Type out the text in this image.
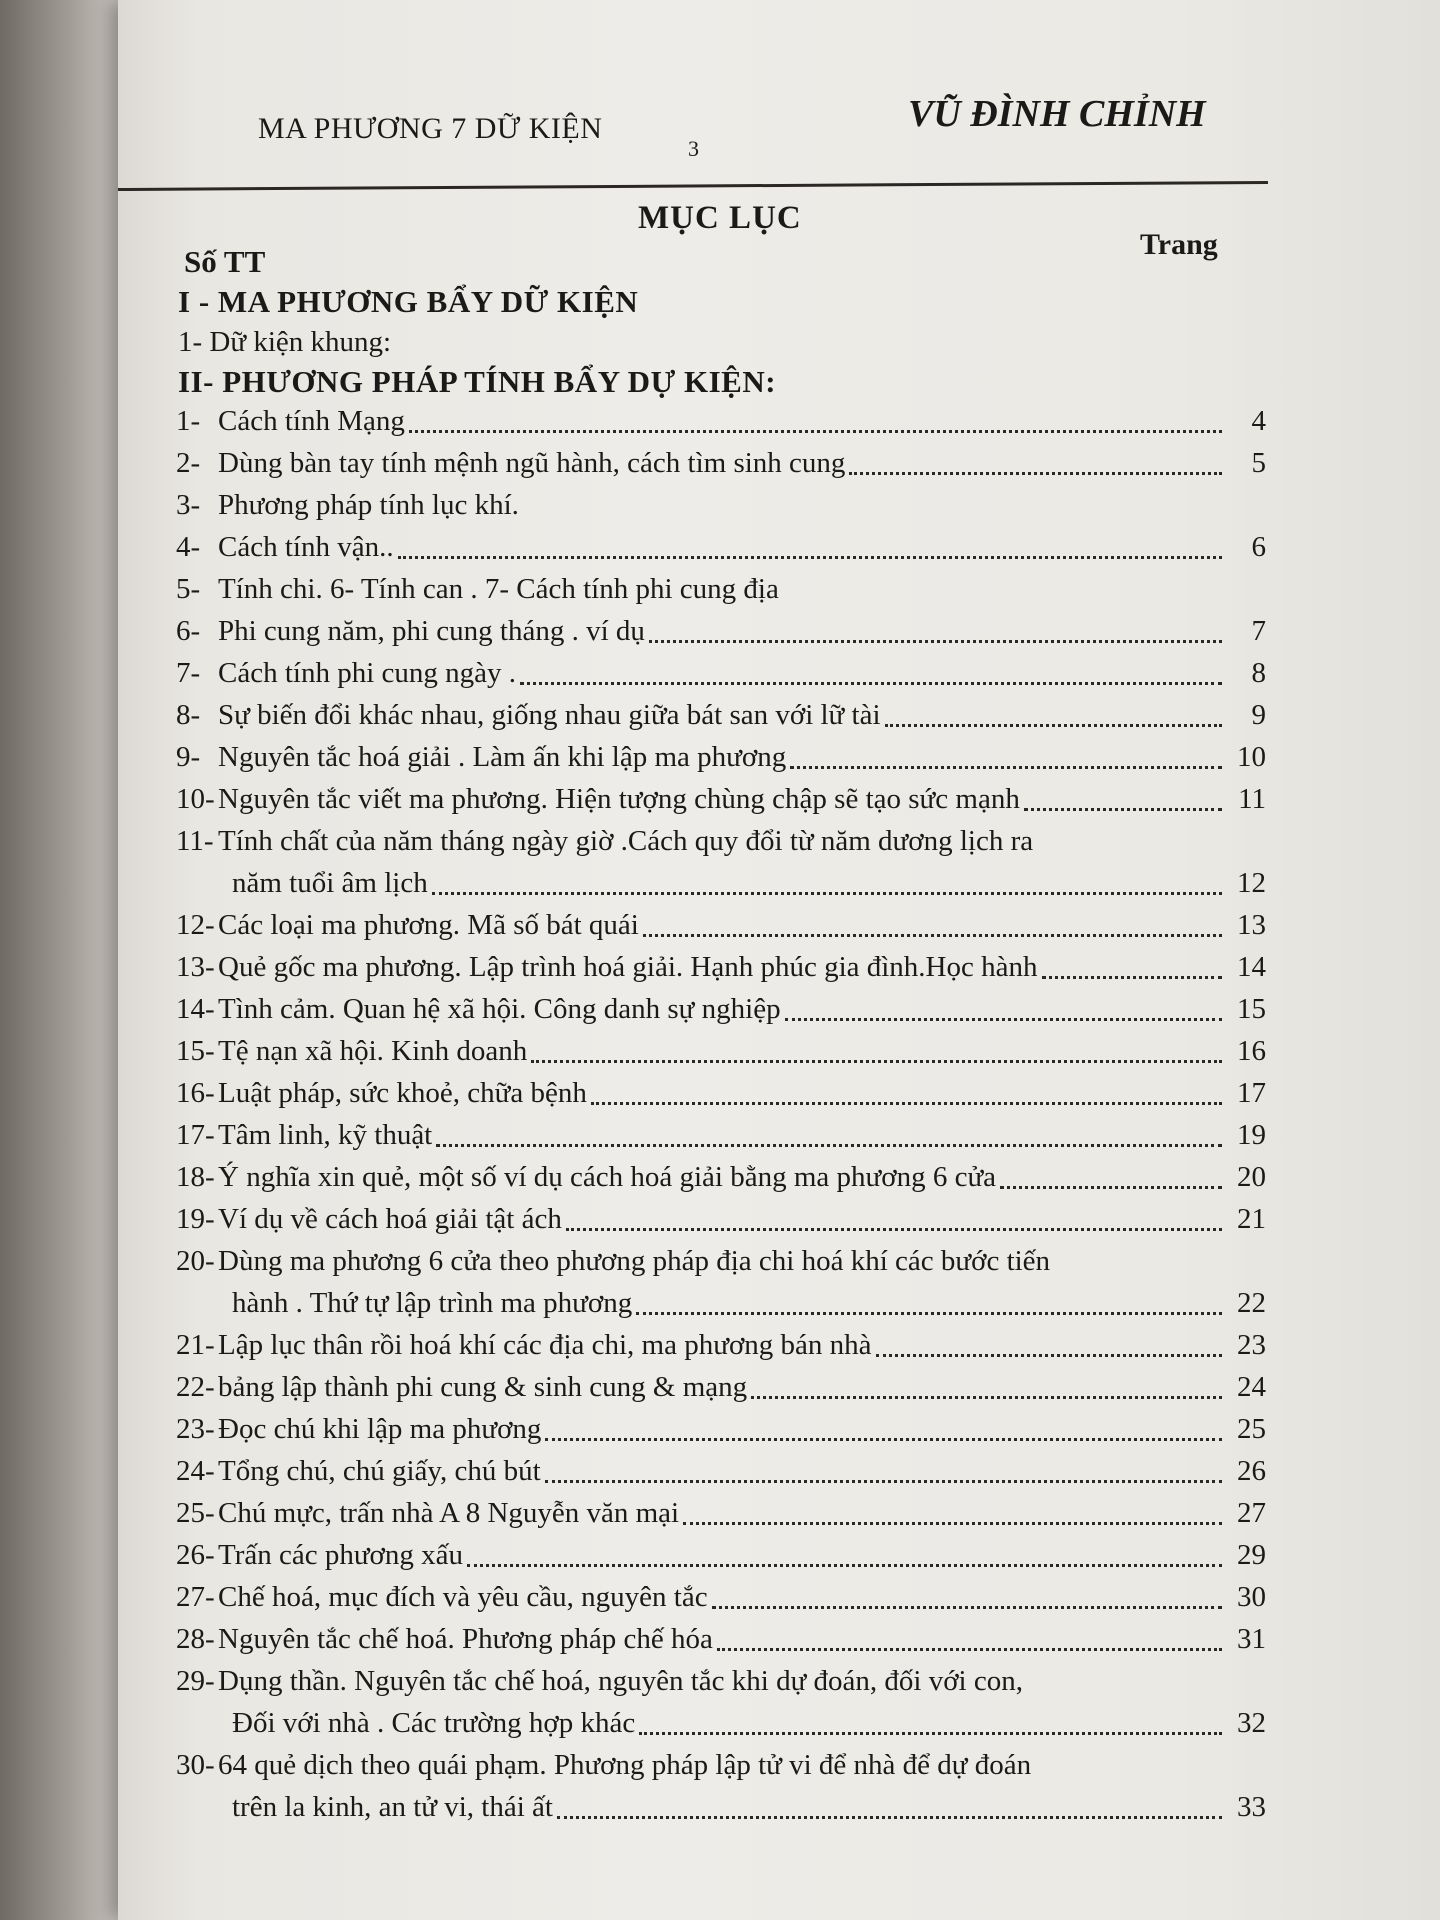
MA PHƯƠNG 7 DỮ KIỆN
3
VŨ ĐÌNH CHỈNH
MỤC LỤC
Số TT	Trang
I - MA PHƯƠNG BẨY DỮ KIỆN
1- Dữ kiện khung:
II- PHƯƠNG PHÁP TÍNH BẨY DỰ KIỆN:
1- Cách tính Mạng	4
2- Dùng bàn tay tính mệnh ngũ hành, cách tìm sinh cung	5
3- Phương pháp tính lục khí.
4- Cách tính vận..	6
5- Tính chi. 6- Tính can . 7- Cách tính phi cung địa
6- Phi cung năm, phi cung tháng . ví dụ	7
7- Cách tính phi cung ngày .	8
8- Sự biến đổi khác nhau, giống nhau giữa bát san với lữ tài	9
9- Nguyên tắc hoá giải . Làm ấn khi lập ma phương	10
10- Nguyên tắc viết ma phương. Hiện tượng chùng chập sẽ tạo sức mạnh	11
11- Tính chất của năm tháng ngày giờ .Cách quy đổi từ năm dương lịch ra
năm tuổi âm lịch	12
12- Các loại ma phương. Mã số bát quái	13
13- Quẻ gốc ma phương. Lập trình hoá giải. Hạnh phúc gia đình.Học hành	14
14- Tình cảm. Quan hệ xã hội. Công danh sự nghiệp	15
15- Tệ nạn xã hội. Kinh doanh	16
16- Luật pháp, sức khoẻ, chữa bệnh	17
17- Tâm linh, kỹ thuật	19
18- Ý nghĩa xin quẻ, một số ví dụ cách hoá giải bằng ma phương 6 cửa	20
19- Ví dụ về cách hoá giải tật ách	21
20- Dùng ma phương 6 cửa theo phương pháp địa chi hoá khí các bước tiến
hành . Thứ tự lập trình ma phương	22
21- Lập lục thân rồi hoá khí các địa chi, ma phương bán nhà	23
22- bảng lập thành phi cung & sinh cung & mạng	24
23- Đọc chú khi lập ma phương	25
24- Tổng chú, chú giấy, chú bút	26
25- Chú mực, trấn nhà A 8 Nguyễn văn mại	27
26- Trấn các phương xấu	29
27- Chế hoá, mục đích và yêu cầu, nguyên tắc	30
28- Nguyên tắc chế hoá. Phương pháp chế hóa	31
29- Dụng thần. Nguyên tắc chế hoá, nguyên tắc khi dự đoán, đối với con,
Đối với nhà . Các trường hợp khác	32
30- 64 quẻ dịch theo quái phạm. Phương pháp lập tử vi để nhà để dự đoán
trên la kinh, an tử vi, thái ất	33
